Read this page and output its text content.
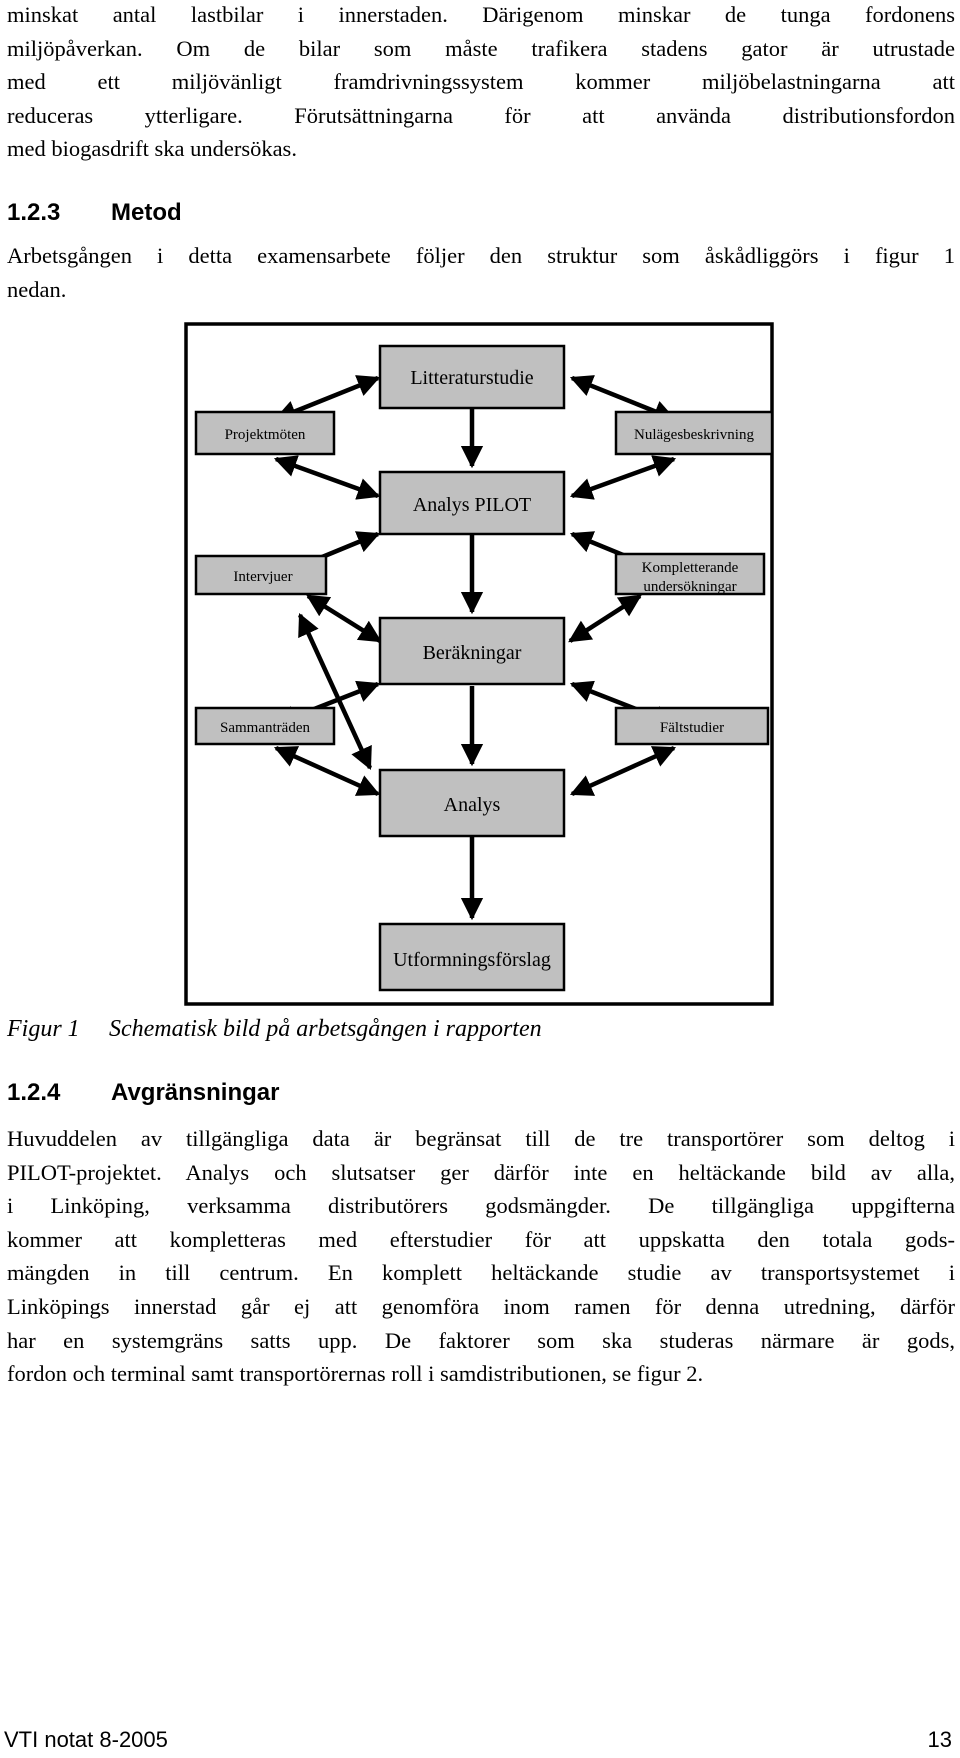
minskat antal lastbilar i innerstaden. Därigenom minskar de tunga fordonens
miljöpåverkan. Om de bilar som måste trafikera stadens gator är utrustade
med ett miljövänligt framdrivningssystem kommer miljöbelastningarna att
reduceras ytterligare. Förutsättningarna för att använda distributionsfordon
med biogasdrift ska undersökas.
1.2.3 Metod
Arbetsgången i detta examensarbete följer den struktur som åskådliggörs i figur 1
nedan.
Litteraturstudie
Projektmöten	Nulägesbeskrivning
Analys PILOT
Intervjuer
Kompletterande
undersökningar
Beräkningar
Sammanträden	Fältstudier
Analys
Utformningsförslag
Figur 1 Schematisk bild på arbetsgången i rapporten
1.2.4 Avgränsningar
Huvuddelen av tillgängliga data är begränsat till de tre transportörer som deltog i
PILOT-projektet. Analys och slutsatser ger därför inte en heltäckande bild av alla,
i Linköping, verksamma distributörers godsmängder. De tillgängliga uppgifterna
kommer att kompletteras med efterstudier för att uppskatta den totala gods-
mängden in till centrum. En komplett heltäckande studie av transportsystemet i
Linköpings innerstad går ej att genomföra inom ramen för denna utredning, därför
har en systemgräns satts upp. De faktorer som ska studeras närmare är gods,
fordon och terminal samt transportörernas roll i samdistributionen, se figur 2.
VTI notat 8-2005	13
